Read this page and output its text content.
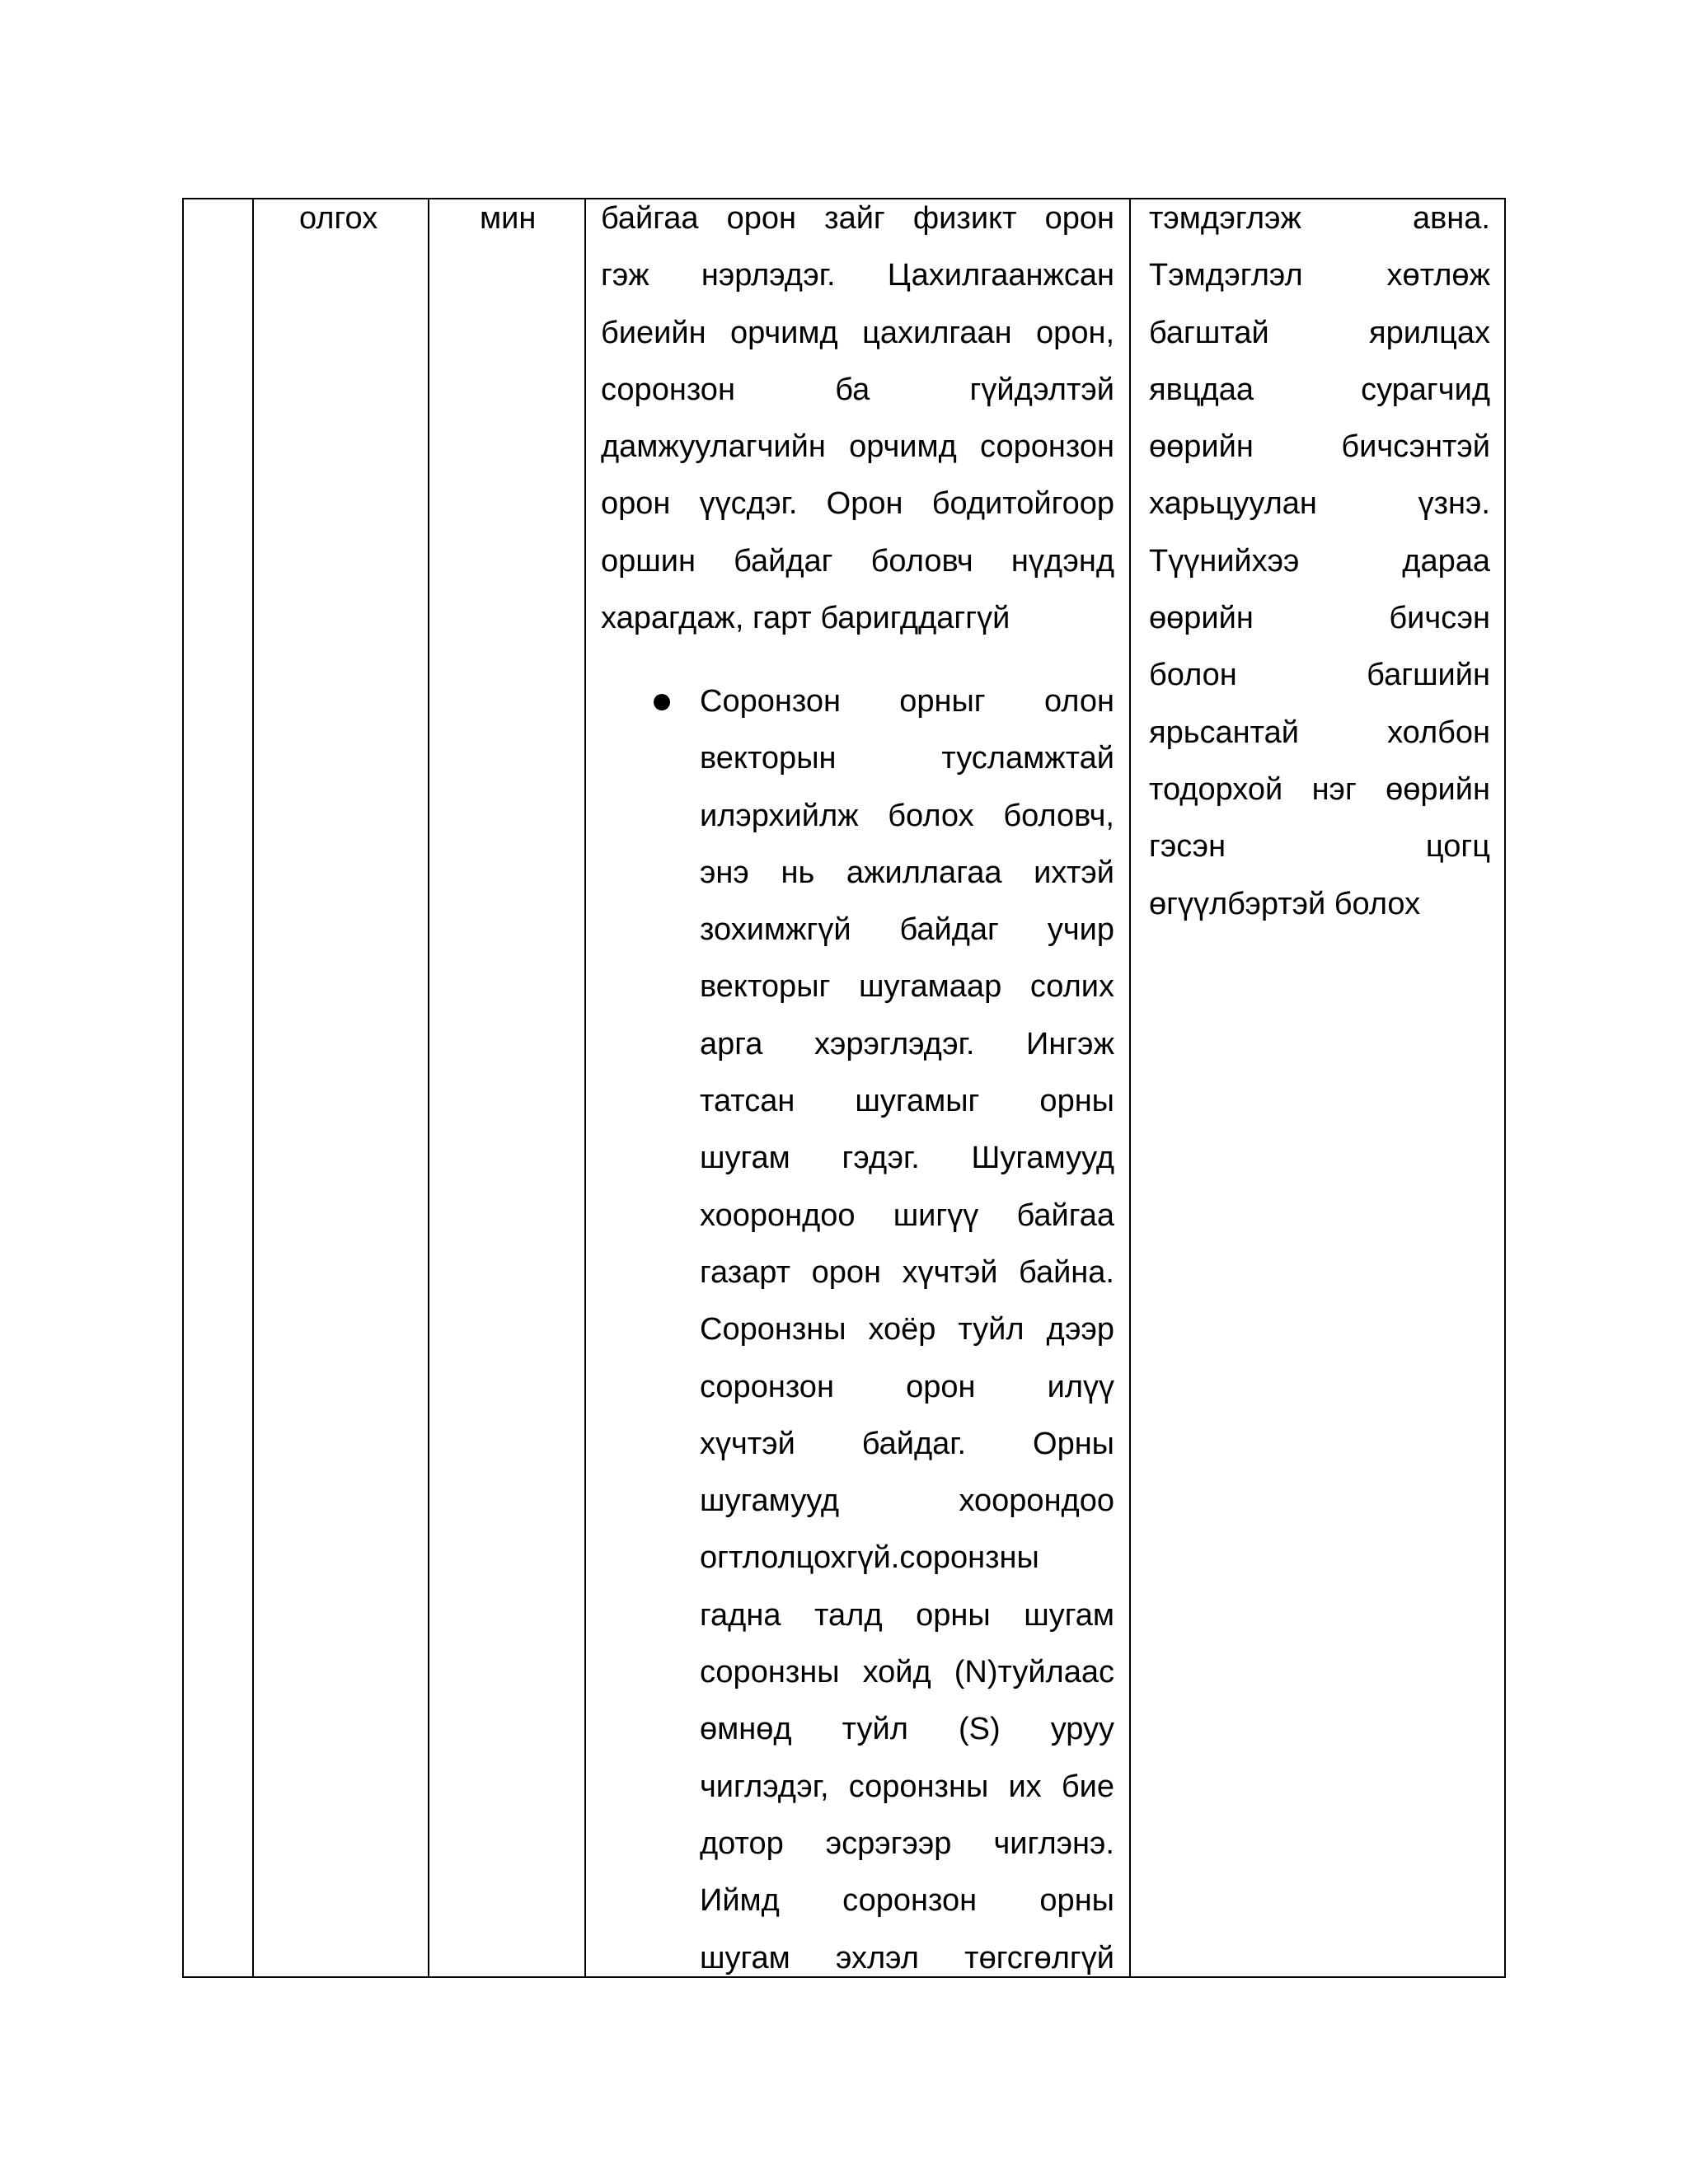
олгох	мин байгаа орон зайг физикт орон
гэж нэрлэдэг. Цахилгаанжсан
биеийн орчимд цахилгаан орон,
соронзон ба гүйдэлтэй
дамжуулагчийн орчимд соронзон
орон үүсдэг. Орон бодитойгоор
оршин байдаг боловч нүдэнд
харагдаж, гарт баригддаггүй
Соронзон орныг олон
векторын тусламжтай
илэрхийлж болох боловч,
энэ нь ажиллагаа ихтэй
зохимжгүй байдаг учир
векторыг шугамаар солих
арга хэрэглэдэг. Ингэж
татсан шугамыг орны
шугам гэдэг. Шугамууд
хоорондоо шигүү байгаа
газарт орон хүчтэй байна.
Соронзны хоёр туйл дээр
соронзон орон илүү
хүчтэй байдаг. Орны
шугамууд хоорондоо
огтлолцохгүй.соронзны
гадна талд орны шугам
соронзны хойд (N)туйлаас
өмнөд туйл (S) уруу
чиглэдэг, соронзны их бие
дотор эсрэгээр чиглэнэ.
Иймд соронзон орны
шугам эхлэл төгсгөлгүй
тэмдэглэж авна.
Тэмдэглэл хөтлөж
багштай ярилцах
явцдаа сурагчид
өөрийн бичсэнтэй
харьцуулан үзнэ.
Түүнийхээ дараа
өөрийн бичсэн
болон багшийн
ярьсантай холбон
тодорхой нэг өөрийн
гэсэн цогц
өгүүлбэртэй болох
